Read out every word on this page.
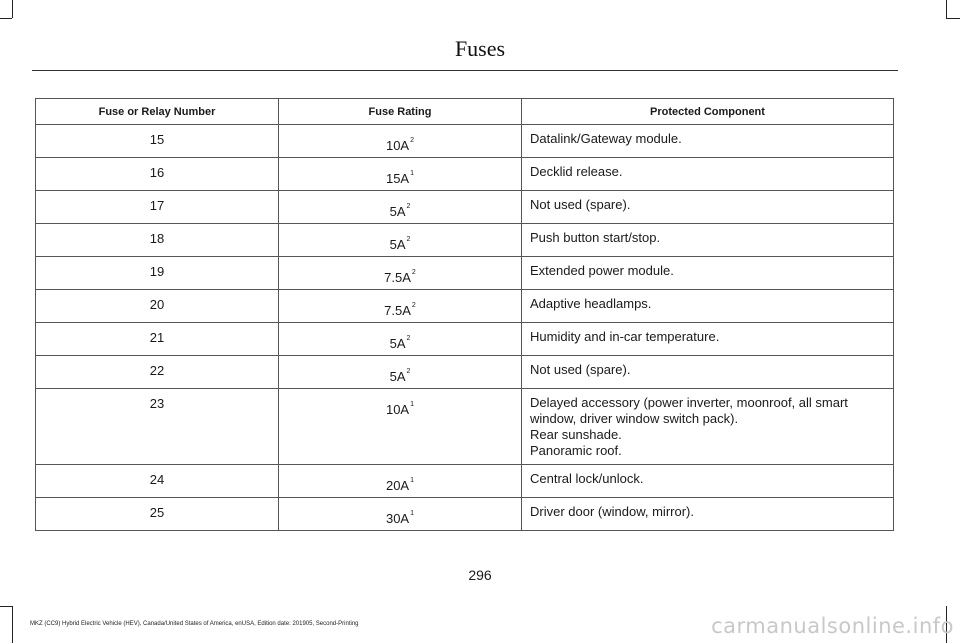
Fuses
Fuse or Relay Number	Fuse Rating	Protected Component
15	10A$^2$	Datalink/Gateway module.

16	15A$^1$	Decklid release.

17	5A$^2$	Not used (spare).

18	5A$^2$	Push button start/stop.

19	7.5A$^2$	Extended power module.

20	7.5A$^2$	Adaptive headlamps.

21	5A$^2$	Humidity and in-car temperature.

22	5A$^2$	Not used (spare).

23	10A$^1$	Delayed accessory (power inverter, moonroof, all smart window, driver window switch pack).
Rear sunshade.
Panoramic roof.

24	20A$^1$	Central lock/unlock.

25	30A$^1$	Driver door (window, mirror).
296
MKZ (CC9) Hybrid Electric Vehicle (HEV), Canada/United States of America, enUSA, Edition date: 201905, Second-Printing	carmanualsonline.info
